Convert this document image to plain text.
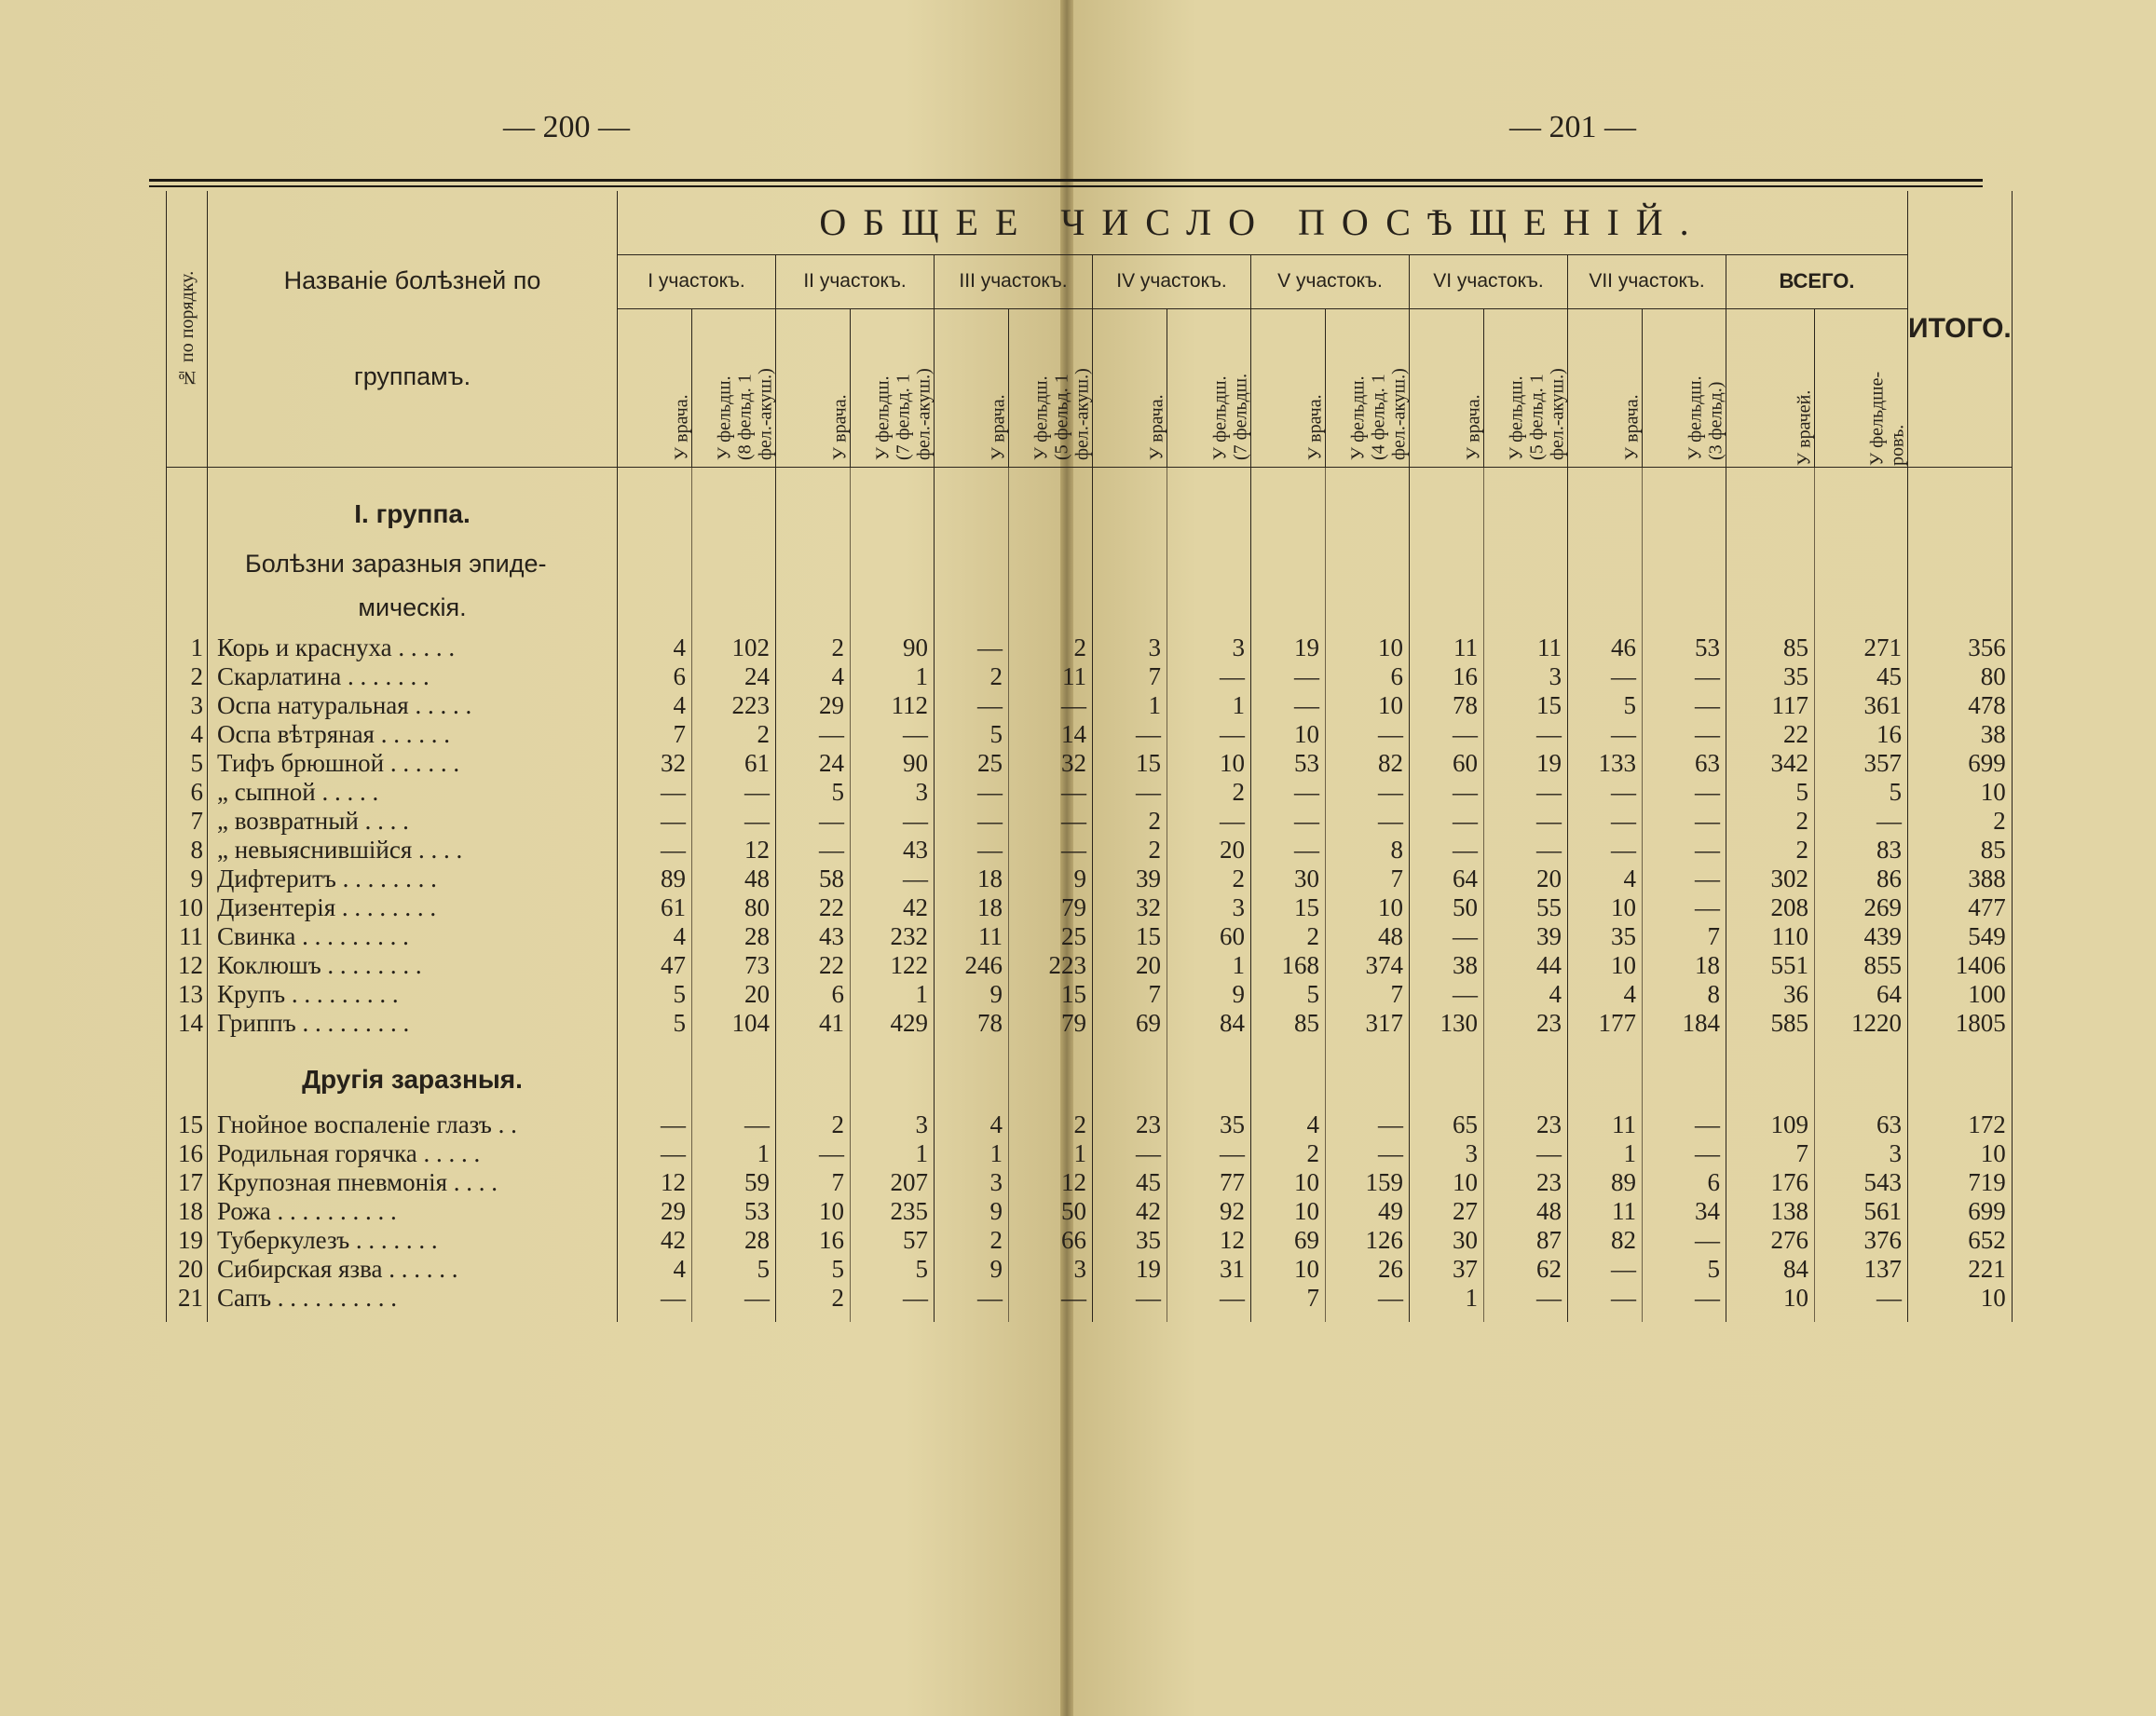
— 200 —	— 201 —
№ по порядку.	Названіе болѣзней по
группамъ.	ОБЩЕЕ ЧИСЛО ПОСѢЩЕНІЙ.																ИТОГО.
		I участокъ.		II участокъ.		III участокъ.		IV участокъ.		V участокъ.		VI участокъ.		VII участокъ.		ВСЕГО.		
		У врача.	У фельдш.
(8 фельд. 1
фел.-акуш.)	У врача.	У фельдш.
(7 фельд. 1
фел.-акуш.)	У врача.	У фельдш.
(5 фельд. 1
фел.-акуш.)	У врача.	У фельдш.
(7 фельдш.	У врача.	У фельдш.
(4 фельд. 1
фел.-акуш.)	У врача.	У фельдш.
(5 фельд. 1
фел.-акуш.)	У врача.	У фельдш.
(3 фельд.)	У врачей.	У фельдше-
ровъ.	

	I. группа.																	

	Болѣзни заразныя эпиде-																	

	мическія.																	

1	Корь и краснуха . . . . .	4	102	2	90	—	2	3	3	19	10	11	11	46	53	85	271	356
2	Скарлатина . . . . . . .	6	24	4	1	2	11	7	—	—	6	16	3	—	—	35	45	80
3	Оспа натуральная . . . . .	4	223	29	112	—	—	1	1	—	10	78	15	5	—	117	361	478
4	Оспа вѣтряная . . . . . .	7	2	—	—	5	14	—	—	10	—	—	—	—	—	22	16	38
5	Тифъ брюшной . . . . . .	32	61	24	90	25	32	15	10	53	82	60	19	133	63	342	357	699
6	„ сыпной . . . . .	—	—	5	3	—	—	—	2	—	—	—	—	—	—	5	5	10
7	„ возвратный . . . .	—	—	—	—	—	—	2	—	—	—	—	—	—	—	2	—	2
8	„ невыяснившійся . . . .	—	12	—	43	—	—	2	20	—	8	—	—	—	—	2	83	85
9	Дифтеритъ . . . . . . . .	89	48	58	—	18	9	39	2	30	7	64	20	4	—	302	86	388
10	Дизентерія . . . . . . . .	61	80	22	42	18	79	32	3	15	10	50	55	10	—	208	269	477
11	Свинка . . . . . . . . .	4	28	43	232	11	25	15	60	2	48	—	39	35	7	110	439	549
12	Коклюшъ . . . . . . . .	47	73	22	122	246	223	20	1	168	374	38	44	10	18	551	855	1406
13	Крупъ . . . . . . . . .	5	20	6	1	9	15	7	9	5	7	—	4	4	8	36	64	100
14	Гриппъ . . . . . . . . .	5	104	41	429	78	79	69	84	85	317	130	23	177	184	585	1220	1805

	Другія заразныя.																	

15	Гнойное воспаленіе глазъ . .	—	—	2	3	4	2	23	35	4	—	65	23	11	—	109	63	172
16	Родильная горячка . . . . .	—	1	—	1	1	1	—	—	2	—	3	—	1	—	7	3	10
17	Крупозная пневмонія . . . .	12	59	7	207	3	12	45	77	10	159	10	23	89	6	176	543	719
18	Рожа . . . . . . . . . .	29	53	10	235	9	50	42	92	10	49	27	48	11	34	138	561	699
19	Туберкулезъ . . . . . . .	42	28	16	57	2	66	35	12	69	126	30	87	82	—	276	376	652
20	Сибирская язва . . . . . .	4	5	5	5	9	3	19	31	10	26	37	62	—	5	84	137	221
21	Сапъ . . . . . . . . . .	—	—	2	—	—	—	—	—	7	—	1	—	—	—	10	—	10
